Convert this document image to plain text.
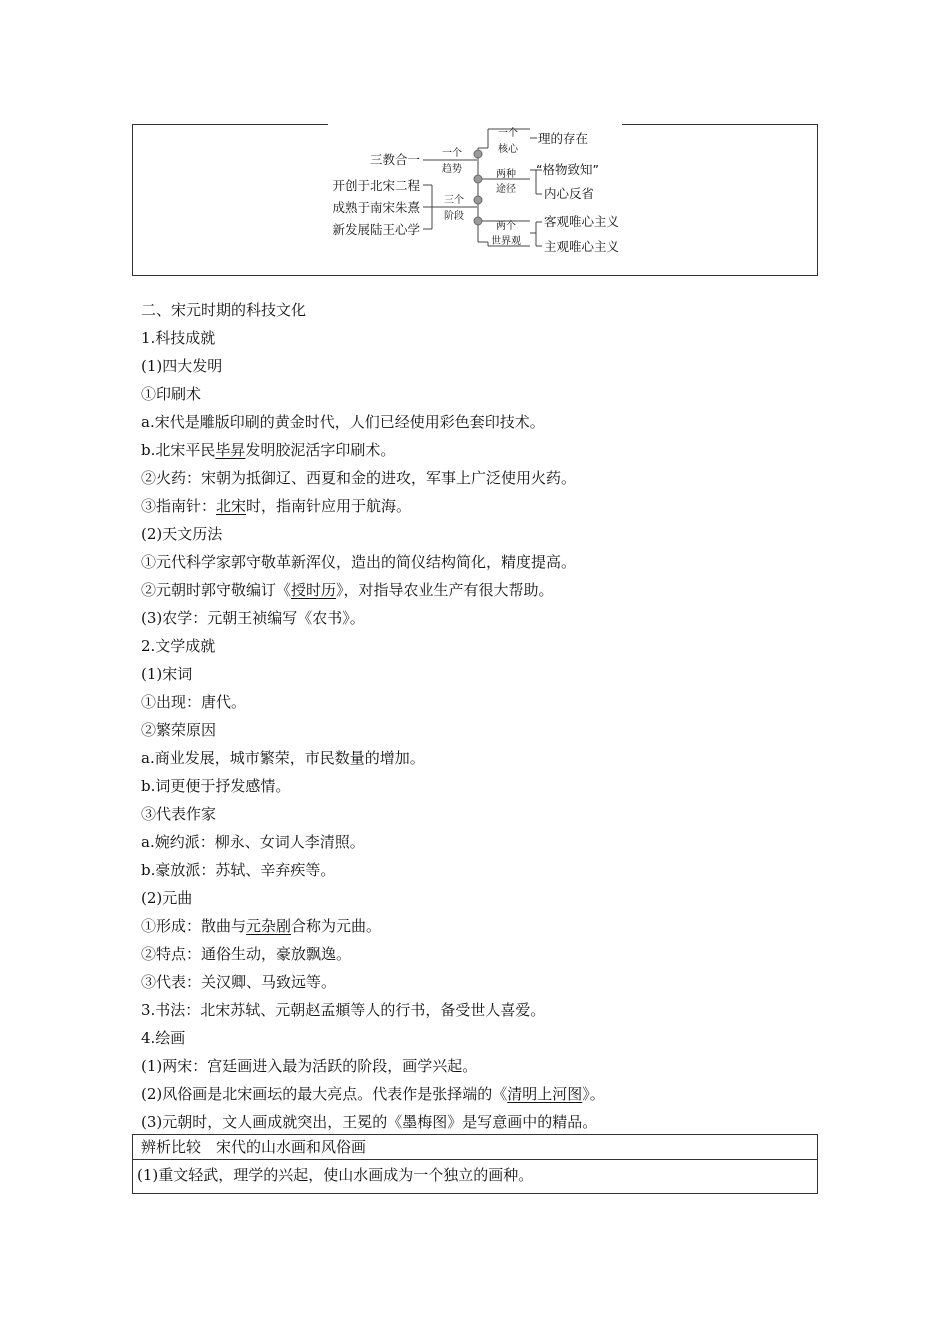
三教合一
开创于北宋二程
成熟于南宋朱熹
新发展陆王心学
一个
趋势
三个
阶段
一个
核心
两种
途径
两个
世界观
理的存在
“格物致知”
内心反省
客观唯心主义
主观唯心主义
二、宋元时期的科技文化
1.科技成就
(1)四大发明
①印刷术
a.宋代是雕版印刷的黄金时代，人们已经使用彩色套印技术。
b.北宋平民毕昇发明胶泥活字印刷术。
②火药：宋朝为抵御辽、西夏和金的进攻，军事上广泛使用火药。
③指南针：北宋时，指南针应用于航海。
(2)天文历法
①元代科学家郭守敬革新浑仪，造出的简仪结构简化，精度提高。
②元朝时郭守敬编订《授时历》，对指导农业生产有很大帮助。
(3)农学：元朝王祯编写《农书》。
2.文学成就
(1)宋词
①出现：唐代。
②繁荣原因
a.商业发展，城市繁荣，市民数量的增加。
b.词更便于抒发感情。
③代表作家
a.婉约派：柳永、女词人李清照。
b.豪放派：苏轼、辛弃疾等。
(2)元曲
①形成：散曲与元杂剧合称为元曲。
②特点：通俗生动，豪放飘逸。
③代表：关汉卿、马致远等。
3.书法：北宋苏轼、元朝赵孟頫等人的行书，备受世人喜爱。
4.绘画
(1)两宋：宫廷画进入最为活跃的阶段，画学兴起。
(2)风俗画是北宋画坛的最大亮点。代表作是张择端的《清明上河图》。
(3)元朝时，文人画成就突出，王冕的《墨梅图》是写意画中的精品。
辨析比较　宋代的山水画和风俗画
(1)重文轻武，理学的兴起，使山水画成为一个独立的画种。
